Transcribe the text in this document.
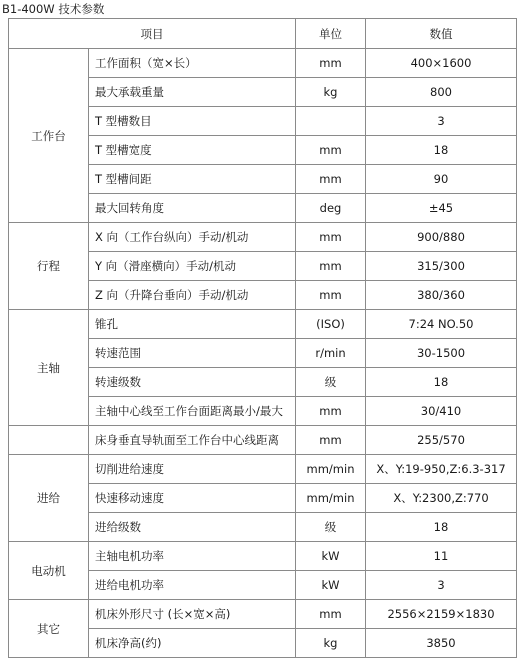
B1-400W 技术参数
项目		单位	数值
工作台	工作面积（宽×长）	mm	400×1600
	最大承载重量	kg	800
	T 型槽数目		3
	T 型槽宽度	mm	18
	T 型槽间距	mm	90
	最大回转角度	deg	±45
行程	X 向（工作台纵向）手动/机动	mm	900/880
	Y 向（滑座横向）手动/机动	mm	315/300
	Z 向（升降台垂向）手动/机动	mm	380/360
主轴	锥孔	(ISO)	7:24 NO.50
	转速范围	r/min	30-1500
	转速级数	级	18
	主轴中心线至工作台面距离最小/最大	mm	30/410
	床身垂直导轨面至工作台中心线距离	mm	255/570
进给	切削进给速度	mm/min	X、Y:19-950,Z:6.3-317
	快速移动速度	mm/min	X、Y:2300,Z:770
	进给级数	级	18
电动机	主轴电机功率	kW	11
	进给电机功率	kW	3
其它	机床外形尺寸 (长×宽×高)	mm	2556×2159×1830
	机床净高(约)	kg	3850
